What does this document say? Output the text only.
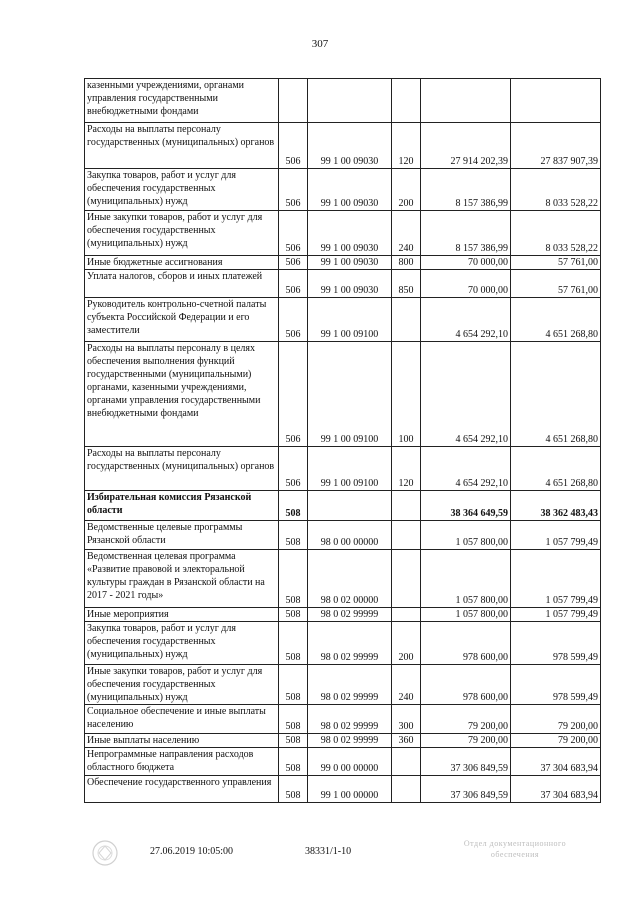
307
казенными учреждениями, органами управления государственными внебюджетными фондами					
Расходы на выплаты персоналу государственных (муниципальных) органов	506	99 1 00 09030	120	27 914 202,39	27 837 907,39
Закупка товаров, работ и услуг для обеспечения государственных (муниципальных) нужд	506	99 1 00 09030	200	8 157 386,99	8 033 528,22
Иные закупки товаров, работ и услуг для обеспечения государственных (муниципальных) нужд	506	99 1 00 09030	240	8 157 386,99	8 033 528,22
Иные бюджетные ассигнования	506	99 1 00 09030	800	70 000,00	57 761,00
Уплата налогов, сборов и иных платежей	506	99 1 00 09030	850	70 000,00	57 761,00
Руководитель контрольно-счетной палаты субъекта Российской Федерации и его заместители	506	99 1 00 09100		4 654 292,10	4 651 268,80
Расходы на выплаты персоналу в целях обеспечения выполнения функций государственными (муниципальными) органами, казенными учреждениями, органами управления государственными внебюджетными фондами	506	99 1 00 09100	100	4 654 292,10	4 651 268,80
Расходы на выплаты персоналу государственных (муниципальных) органов	506	99 1 00 09100	120	4 654 292,10	4 651 268,80
Избирательная комиссия Рязанской области	508			38 364 649,59	38 362 483,43
Ведомственные целевые программы Рязанской области	508	98 0 00 00000		1 057 800,00	1 057 799,49
Ведомственная целевая программа «Развитие правовой и электоральной культуры граждан в Рязанской области на 2017 - 2021 годы»	508	98 0 02 00000		1 057 800,00	1 057 799,49
Иные мероприятия	508	98 0 02 99999		1 057 800,00	1 057 799,49
Закупка товаров, работ и услуг для обеспечения государственных (муниципальных) нужд	508	98 0 02 99999	200	978 600,00	978 599,49
Иные закупки товаров, работ и услуг для обеспечения государственных (муниципальных) нужд	508	98 0 02 99999	240	978 600,00	978 599,49
Социальное обеспечение и иные выплаты населению	508	98 0 02 99999	300	79 200,00	79 200,00
Иные выплаты населению	508	98 0 02 99999	360	79 200,00	79 200,00
Непрограммные направления расходов областного бюджета	508	99 0 00 00000		37 306 849,59	37 304 683,94
Обеспечение государственного управления	508	99 1 00 00000		37 306 849,59	37 304 683,94
27.06.2019 10:05:00	38331/1-10
Отдел документационного обеспечения
